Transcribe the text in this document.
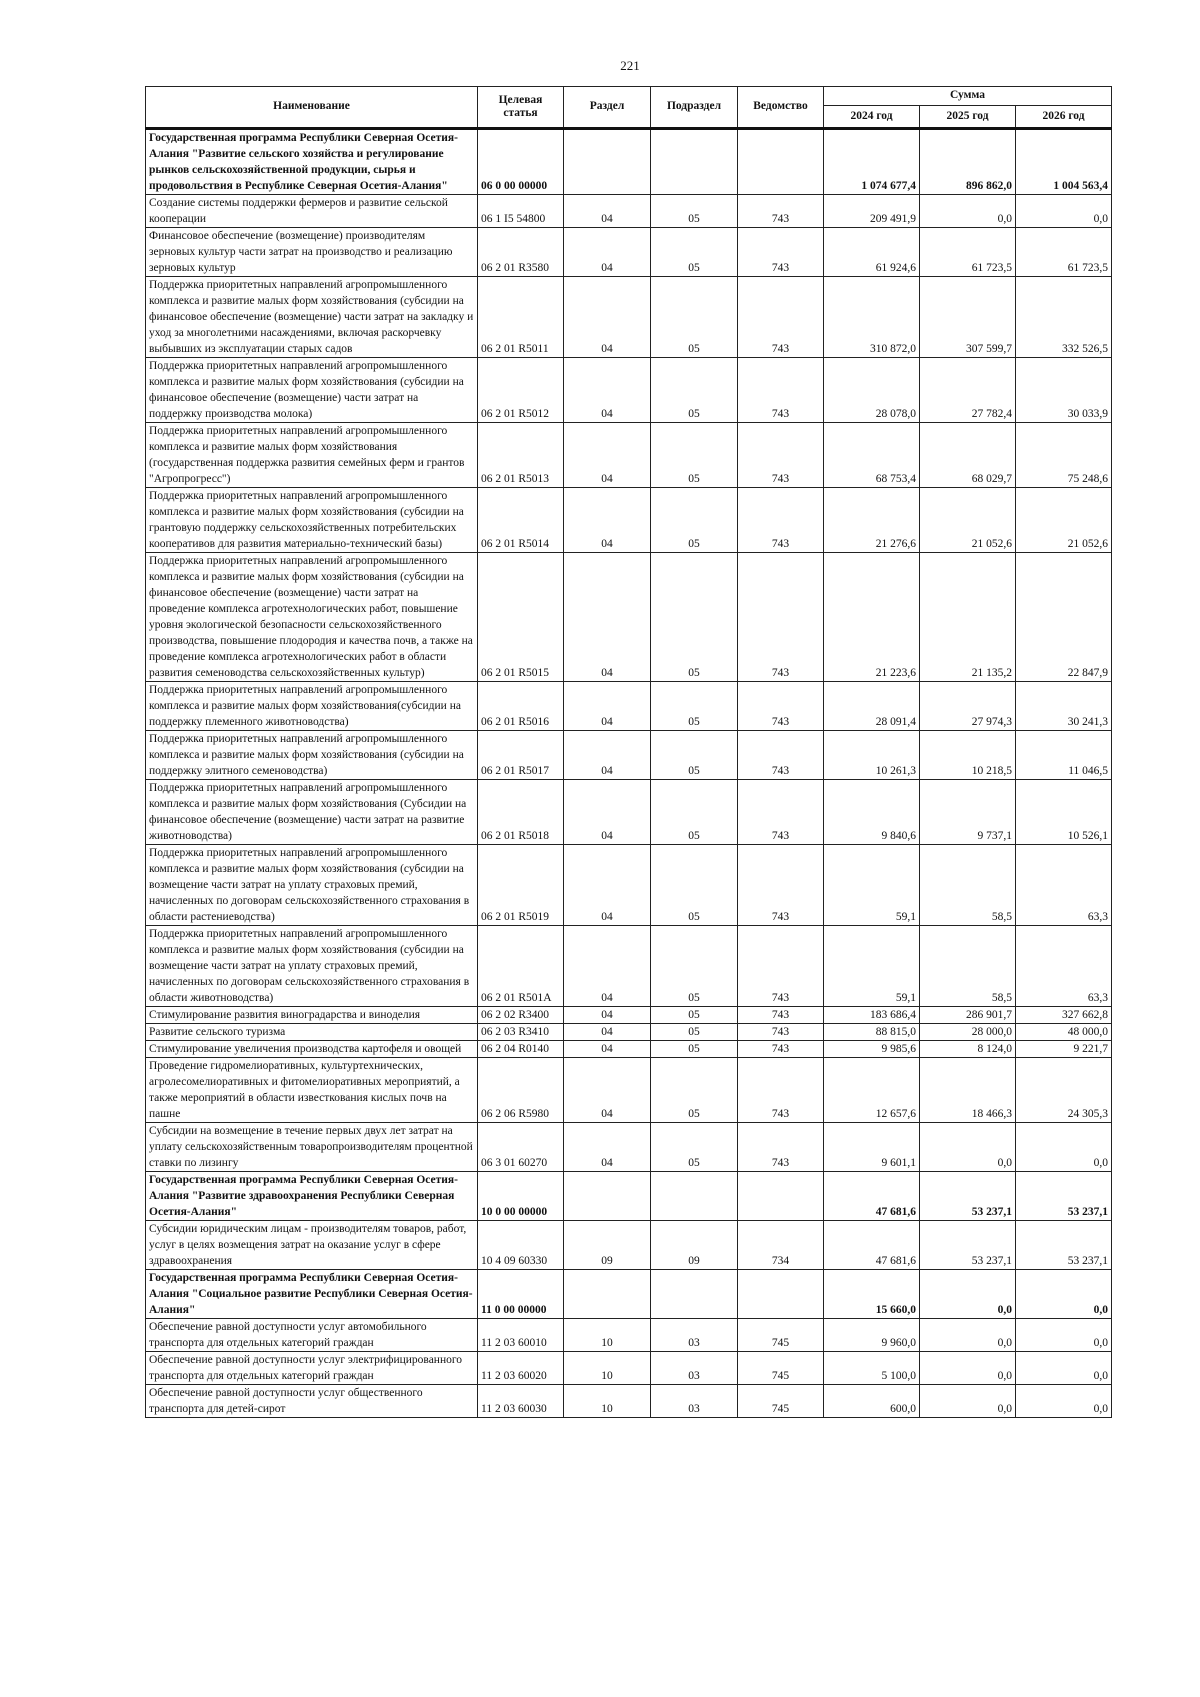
221
Наименование	Целевая статья	Раздел	Подраздел	Ведомство	Сумма		
					2024 год	2025 год	2026 год
Государственная программа Республики Северная Осетия-Алания "Развитие сельского хозяйства и регулирование рынков сельскохозяйственной продукции, сырья и продовольствия в Республике Северная Осетия-Алания"	06 0 00 00000				1 074 677,4	896 862,0	1 004 563,4
Создание системы поддержки фермеров и развитие сельской кооперации	06 1 I5 54800	04	05	743	209 491,9	0,0	0,0
Финансовое обеспечение (возмещение) производителям зерновых культур части затрат на производство и реализацию зерновых культур	06 2 01 R3580	04	05	743	61 924,6	61 723,5	61 723,5
Поддержка приоритетных направлений агропромышленного комплекса и развитие малых форм хозяйствования (субсидии на финансовое обеспечение (возмещение) части затрат на закладку и уход за многолетними насаждениями, включая раскорчевку выбывших из эксплуатации старых садов	06 2 01 R5011	04	05	743	310 872,0	307 599,7	332 526,5
Поддержка приоритетных направлений агропромышленного комплекса и развитие малых форм хозяйствования (субсидии на финансовое обеспечение (возмещение) части затрат на поддержку производства молока)	06 2 01 R5012	04	05	743	28 078,0	27 782,4	30 033,9
Поддержка приоритетных направлений агропромышленного комплекса и развитие малых форм хозяйствования (государственная поддержка развития семейных ферм и грантов "Агропрогресс")	06 2 01 R5013	04	05	743	68 753,4	68 029,7	75 248,6
Поддержка приоритетных направлений агропромышленного комплекса и развитие малых форм хозяйствования (субсидии на грантовую поддержку сельскохозяйственных потребительских кооперативов для развития материально-технический базы)	06 2 01 R5014	04	05	743	21 276,6	21 052,6	21 052,6
Поддержка приоритетных направлений агропромышленного комплекса и развитие малых форм хозяйствования (субсидии на финансовое обеспечение (возмещение) части затрат на проведение комплекса агротехнологических работ, повышение уровня экологической безопасности сельскохозяйственного производства, повышение плодородия и качества почв, а также на проведение комплекса агротехнологических работ в области развития семеноводства сельскохозяйственных культур)	06 2 01 R5015	04	05	743	21 223,6	21 135,2	22 847,9
Поддержка приоритетных направлений агропромышленного комплекса и развитие малых форм хозяйствования(субсидии на поддержку племенного животноводства)	06 2 01 R5016	04	05	743	28 091,4	27 974,3	30 241,3
Поддержка приоритетных направлений агропромышленного комплекса и развитие малых форм хозяйствования (субсидии на поддержку элитного семеноводства)	06 2 01 R5017	04	05	743	10 261,3	10 218,5	11 046,5
Поддержка приоритетных направлений агропромышленного комплекса и развитие малых форм хозяйствования (Субсидии на финансовое обеспечение (возмещение) части затрат на развитие животноводства)	06 2 01 R5018	04	05	743	9 840,6	9 737,1	10 526,1
Поддержка приоритетных направлений агропромышленного комплекса и развитие малых форм хозяйствования (субсидии на возмещение части затрат на уплату страховых премий, начисленных по договорам сельскохозяйственного страхования в области растениеводства)	06 2 01 R5019	04	05	743	59,1	58,5	63,3
Поддержка приоритетных направлений агропромышленного комплекса и развитие малых форм хозяйствования (субсидии на возмещение части затрат на уплату страховых премий, начисленных по договорам сельскохозяйственного страхования в области животноводства)	06 2 01 R501A	04	05	743	59,1	58,5	63,3
Стимулирование развития виноградарства и виноделия	06 2 02 R3400	04	05	743	183 686,4	286 901,7	327 662,8
Развитие сельского туризма	06 2 03 R3410	04	05	743	88 815,0	28 000,0	48 000,0
Стимулирование увеличения производства картофеля и овощей	06 2 04 R0140	04	05	743	9 985,6	8 124,0	9 221,7
Проведение гидромелиоративных, культуртехнических, агролесомелиоративных и фитомелиоративных мероприятий, а также мероприятий в области известкования кислых почв на пашне	06 2 06 R5980	04	05	743	12 657,6	18 466,3	24 305,3
Субсидии на возмещение в течение первых двух лет затрат на уплату сельскохозяйственным товаропроизводителям процентной ставки по лизингу	06 3 01 60270	04	05	743	9 601,1	0,0	0,0
Государственная программа Республики Северная Осетия-Алания "Развитие здравоохранения Республики Северная Осетия-Алания"	10 0 00 00000				47 681,6	53 237,1	53 237,1
Субсидии юридическим лицам - производителям товаров, работ, услуг в целях возмещения затрат на оказание услуг в сфере здравоохранения	10 4 09 60330	09	09	734	47 681,6	53 237,1	53 237,1
Государственная программа Республики Северная Осетия-Алания "Социальное развитие Республики Северная Осетия-Алания"	11 0 00 00000				15 660,0	0,0	0,0
Обеспечение равной доступности услуг автомобильного транспорта для отдельных категорий граждан	11 2 03 60010	10	03	745	9 960,0	0,0	0,0
Обеспечение равной доступности услуг электрифицированного транспорта для отдельных категорий граждан	11 2 03 60020	10	03	745	5 100,0	0,0	0,0
Обеспечение равной доступности услуг общественного транспорта для детей-сирот	11 2 03 60030	10	03	745	600,0	0,0	0,0
